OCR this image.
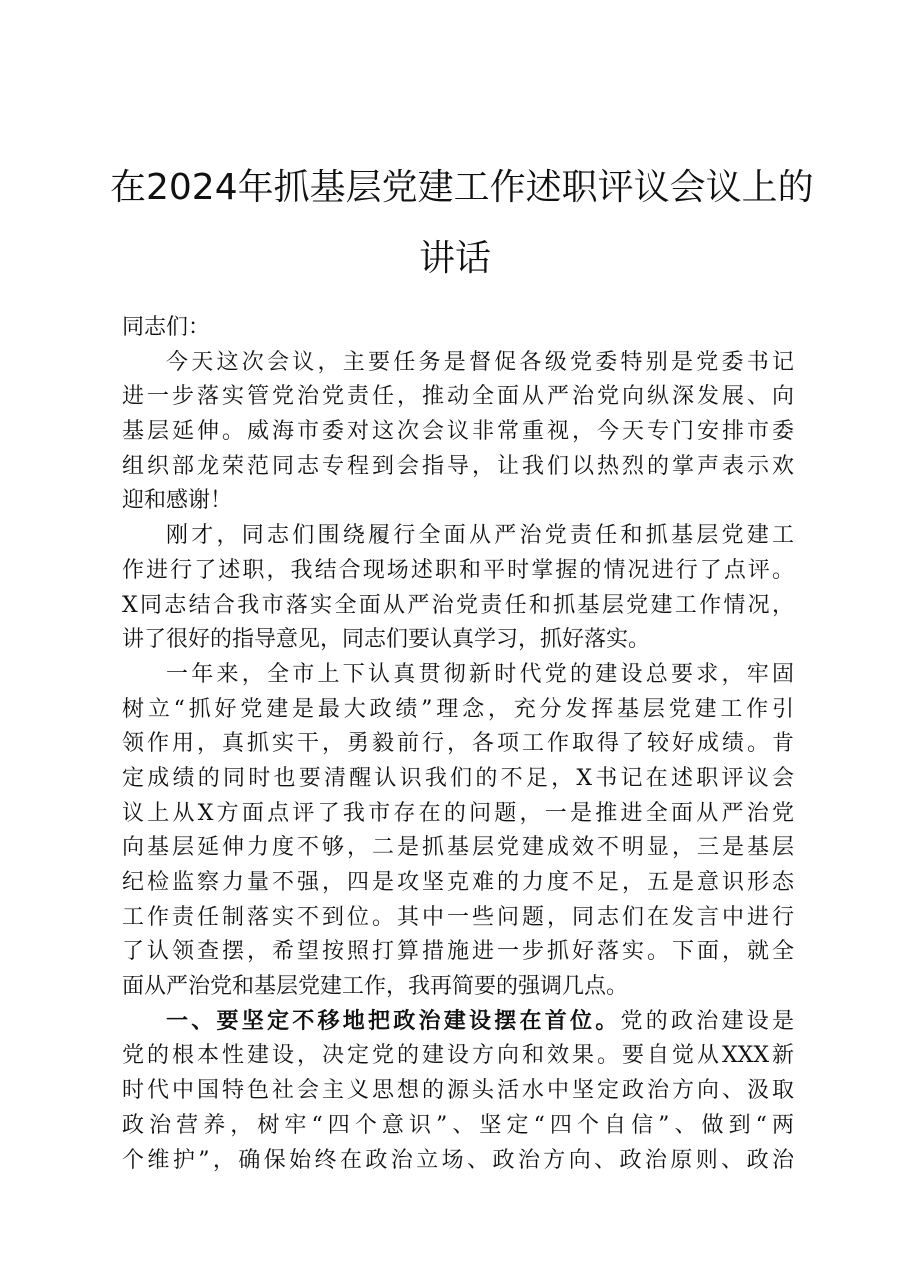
在2024年抓基层党建工作述职评议会议上的
讲话
同志们：
今天这次会议，主要任务是督促各级党委特别是党委书记
进一步落实管党治党责任，推动全面从严治党向纵深发展、向
基层延伸。威海市委对这次会议非常重视，今天专门安排市委
组织部龙荣范同志专程到会指导，让我们以热烈的掌声表示欢
迎和感谢！
刚才，同志们围绕履行全面从严治党责任和抓基层党建工
作进行了述职，我结合现场述职和平时掌握的情况进行了点评。
X同志结合我市落实全面从严治党责任和抓基层党建工作情况，
讲了很好的指导意见，同志们要认真学习，抓好落实。
一年来，全市上下认真贯彻新时代党的建设总要求，牢固
树立“抓好党建是最大政绩”理念，充分发挥基层党建工作引
领作用，真抓实干，勇毅前行，各项工作取得了较好成绩。肯
定成绩的同时也要清醒认识我们的不足，X书记在述职评议会
议上从X方面点评了我市存在的问题，一是推进全面从严治党
向基层延伸力度不够，二是抓基层党建成效不明显，三是基层
纪检监察力量不强，四是攻坚克难的力度不足，五是意识形态
工作责任制落实不到位。其中一些问题，同志们在发言中进行
了认领查摆，希望按照打算措施进一步抓好落实。下面，就全
面从严治党和基层党建工作，我再简要的强调几点。
一、要坚定不移地把政治建设摆在首位。党的政治建设是
党的根本性建设，决定党的建设方向和效果。要自觉从XXX新
时代中国特色社会主义思想的源头活水中坚定政治方向、汲取
政治营养，树牢“四个意识”、坚定“四个自信”、做到“两
个维护”，确保始终在政治立场、政治方向、政治原则、政治
